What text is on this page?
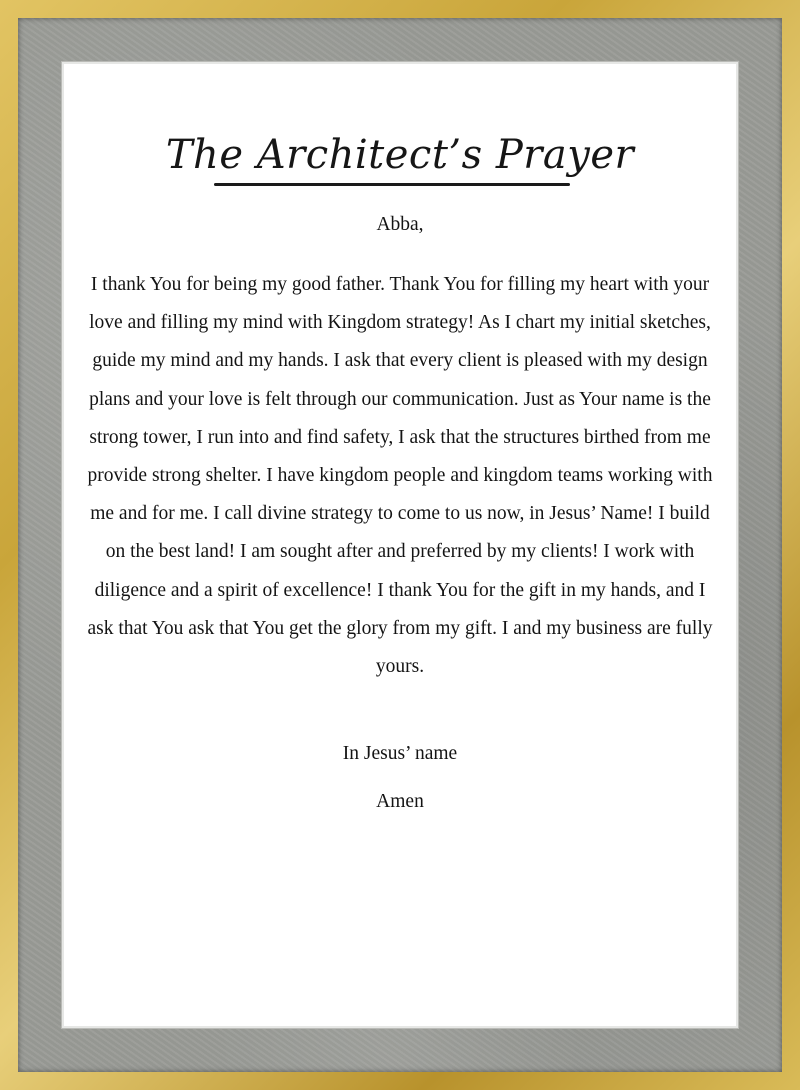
The Architect’s Prayer
Abba,
I thank You for being my good father. Thank You for filling my heart with your love and filling my mind with Kingdom strategy! As I chart my initial sketches, guide my mind and my hands. I ask that every client is pleased with my design plans and your love is felt through our communication. Just as Your name is the strong tower, I run into and find safety, I ask that the structures birthed from me provide strong shelter. I have kingdom people and kingdom teams working with me and for me. I call divine strategy to come to us now, in Jesus’ Name! I build on the best land! I am sought after and preferred by my clients! I work with diligence and a spirit of excellence! I thank You for the gift in my hands, and I ask that You ask that You get the glory from my gift. I and my business are fully yours.
In Jesus’ name
Amen
